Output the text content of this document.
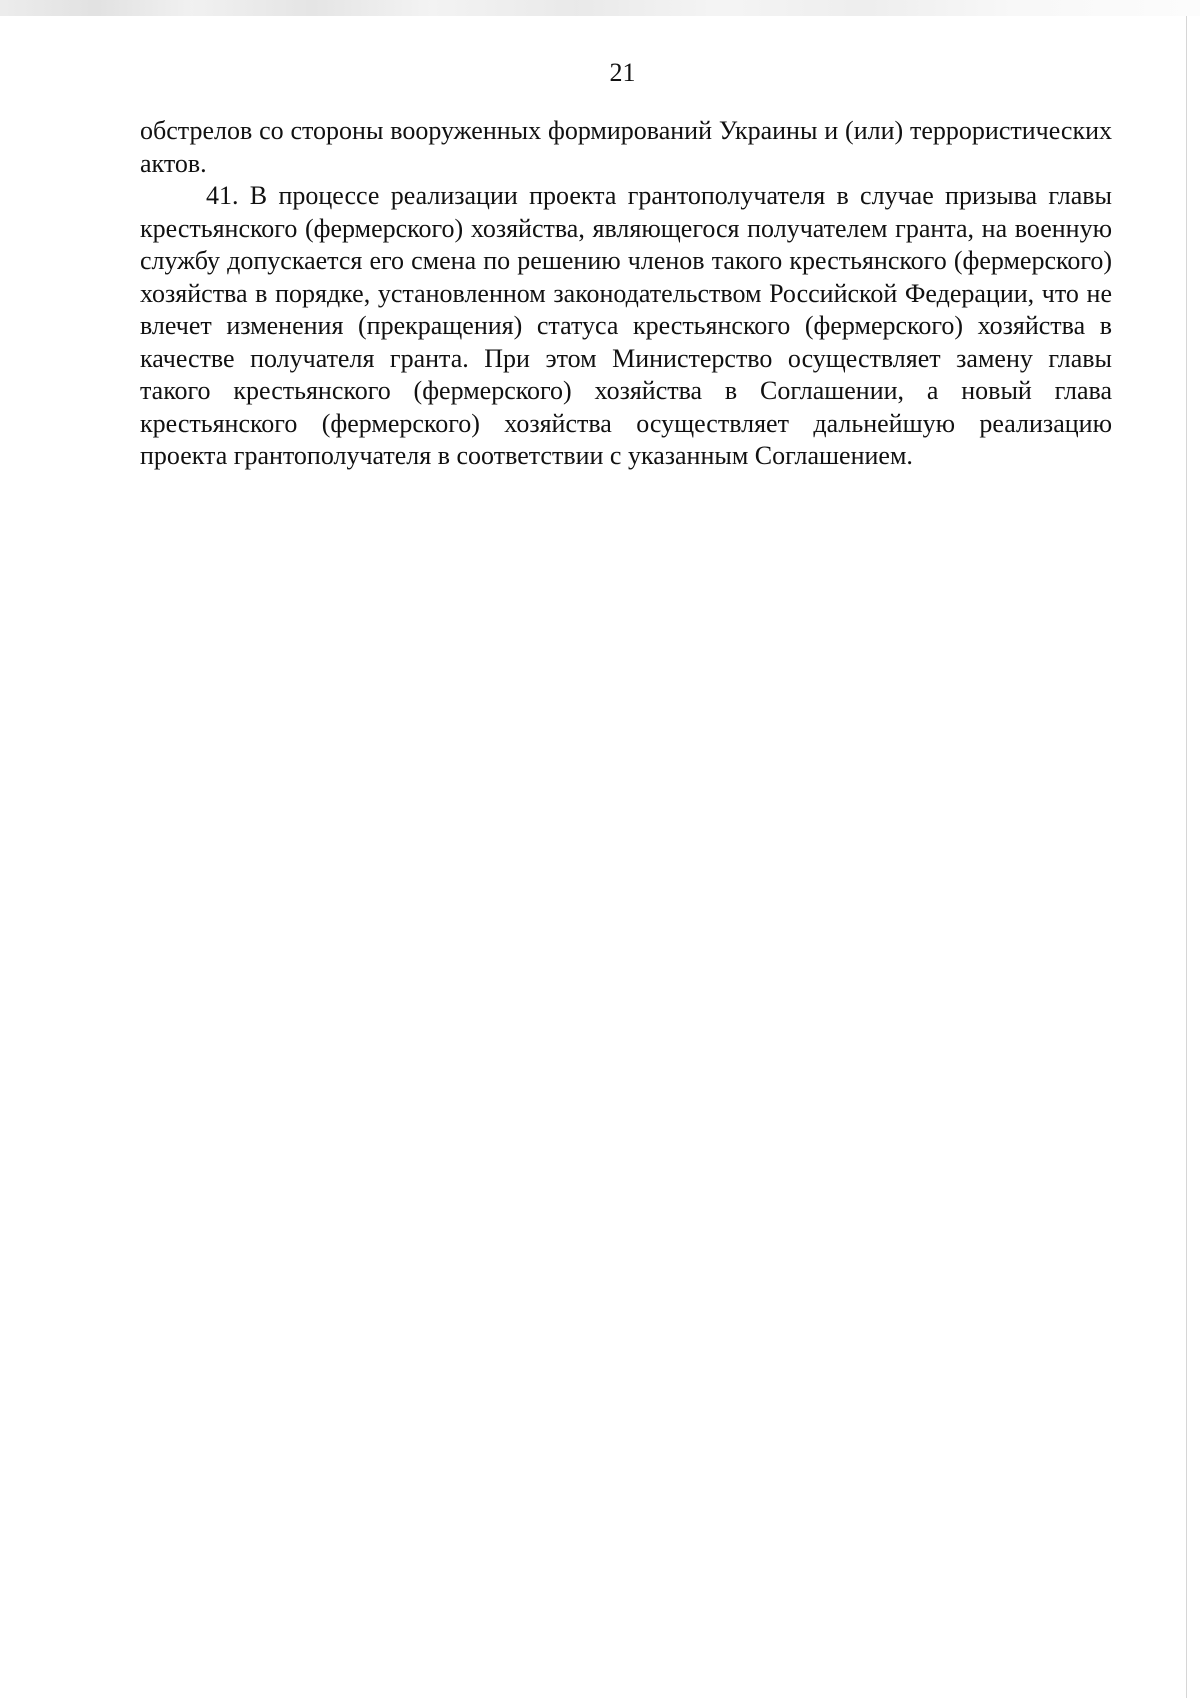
21

обстрелов со стороны вооруженных формирований Украины и (или) террористических актов.

41. В процессе реализации проекта грантополучателя в случае призыва главы крестьянского (фермерского) хозяйства, являющегося получателем гранта, на военную службу допускается его смена по решению членов такого крестьянского (фермерского) хозяйства в порядке, установленном законодательством Российской Федерации, что не влечет изменения (прекращения) статуса крестьянского (фермерского) хозяйства в качестве получателя гранта. При этом Министерство осуществляет замену главы такого крестьянского (фермерского) хозяйства в Соглашении, а новый глава крестьянского (фермерского) хозяйства осуществляет дальнейшую реализацию проекта грантополучателя в соответствии с указанным Соглашением.
